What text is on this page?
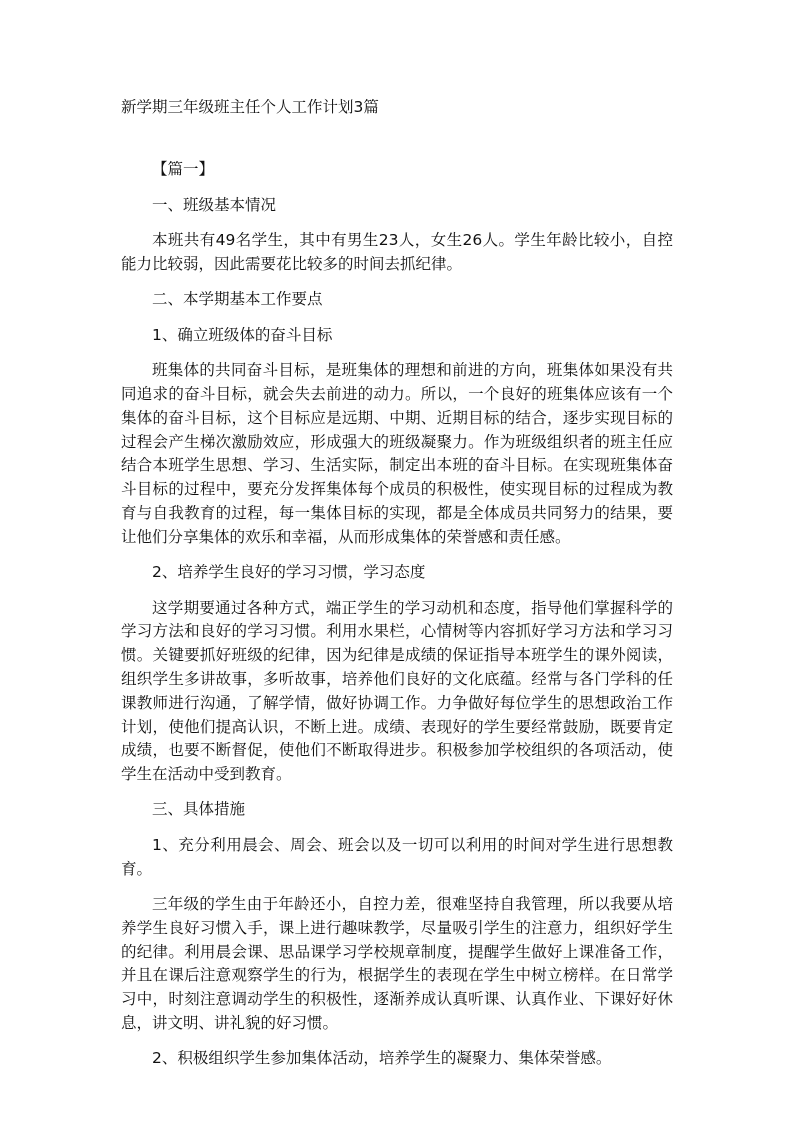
新学期三年级班主任个人工作计划3篇

【篇一】

一、班级基本情况

本班共有49名学生，其中有男生23人，女生26人。学生年龄比较小，自控能力比较弱，因此需要花比较多的时间去抓纪律。

二、本学期基本工作要点

1、确立班级体的奋斗目标

班集体的共同奋斗目标，是班集体的理想和前进的方向，班集体如果没有共同追求的奋斗目标，就会失去前进的动力。所以，一个良好的班集体应该有一个集体的奋斗目标，这个目标应是远期、中期、近期目标的结合，逐步实现目标的过程会产生梯次激励效应，形成强大的班级凝聚力。作为班级组织者的班主任应结合本班学生思想、学习、生活实际，制定出本班的奋斗目标。在实现班集体奋斗目标的过程中，要充分发挥集体每个成员的积极性，使实现目标的过程成为教育与自我教育的过程，每一集体目标的实现，都是全体成员共同努力的结果，要让他们分享集体的欢乐和幸福，从而形成集体的荣誉感和责任感。

2、培养学生良好的学习习惯，学习态度

这学期要通过各种方式，端正学生的学习动机和态度，指导他们掌握科学的学习方法和良好的学习习惯。利用水果栏，心情树等内容抓好学习方法和学习习惯。关键要抓好班级的纪律，因为纪律是成绩的保证指导本班学生的课外阅读，组织学生多讲故事，多听故事，培养他们良好的文化底蕴。经常与各门学科的任课教师进行沟通，了解学情，做好协调工作。力争做好每位学生的思想政治工作计划，使他们提高认识，不断上进。成绩、表现好的学生要经常鼓励，既要肯定成绩，也要不断督促，使他们不断取得进步。积极参加学校组织的各项活动，使学生在活动中受到教育。

三、具体措施

1、充分利用晨会、周会、班会以及一切可以利用的时间对学生进行思想教育。

三年级的学生由于年龄还小，自控力差，很难坚持自我管理，所以我要从培养学生良好习惯入手，课上进行趣味教学，尽量吸引学生的注意力，组织好学生的纪律。利用晨会课、思品课学习学校规章制度，提醒学生做好上课准备工作，并且在课后注意观察学生的行为，根据学生的表现在学生中树立榜样。在日常学习中，时刻注意调动学生的积极性，逐渐养成认真听课、认真作业、下课好好休息，讲文明、讲礼貌的好习惯。

2、积极组织学生参加集体活动，培养学生的凝聚力、集体荣誉感。
